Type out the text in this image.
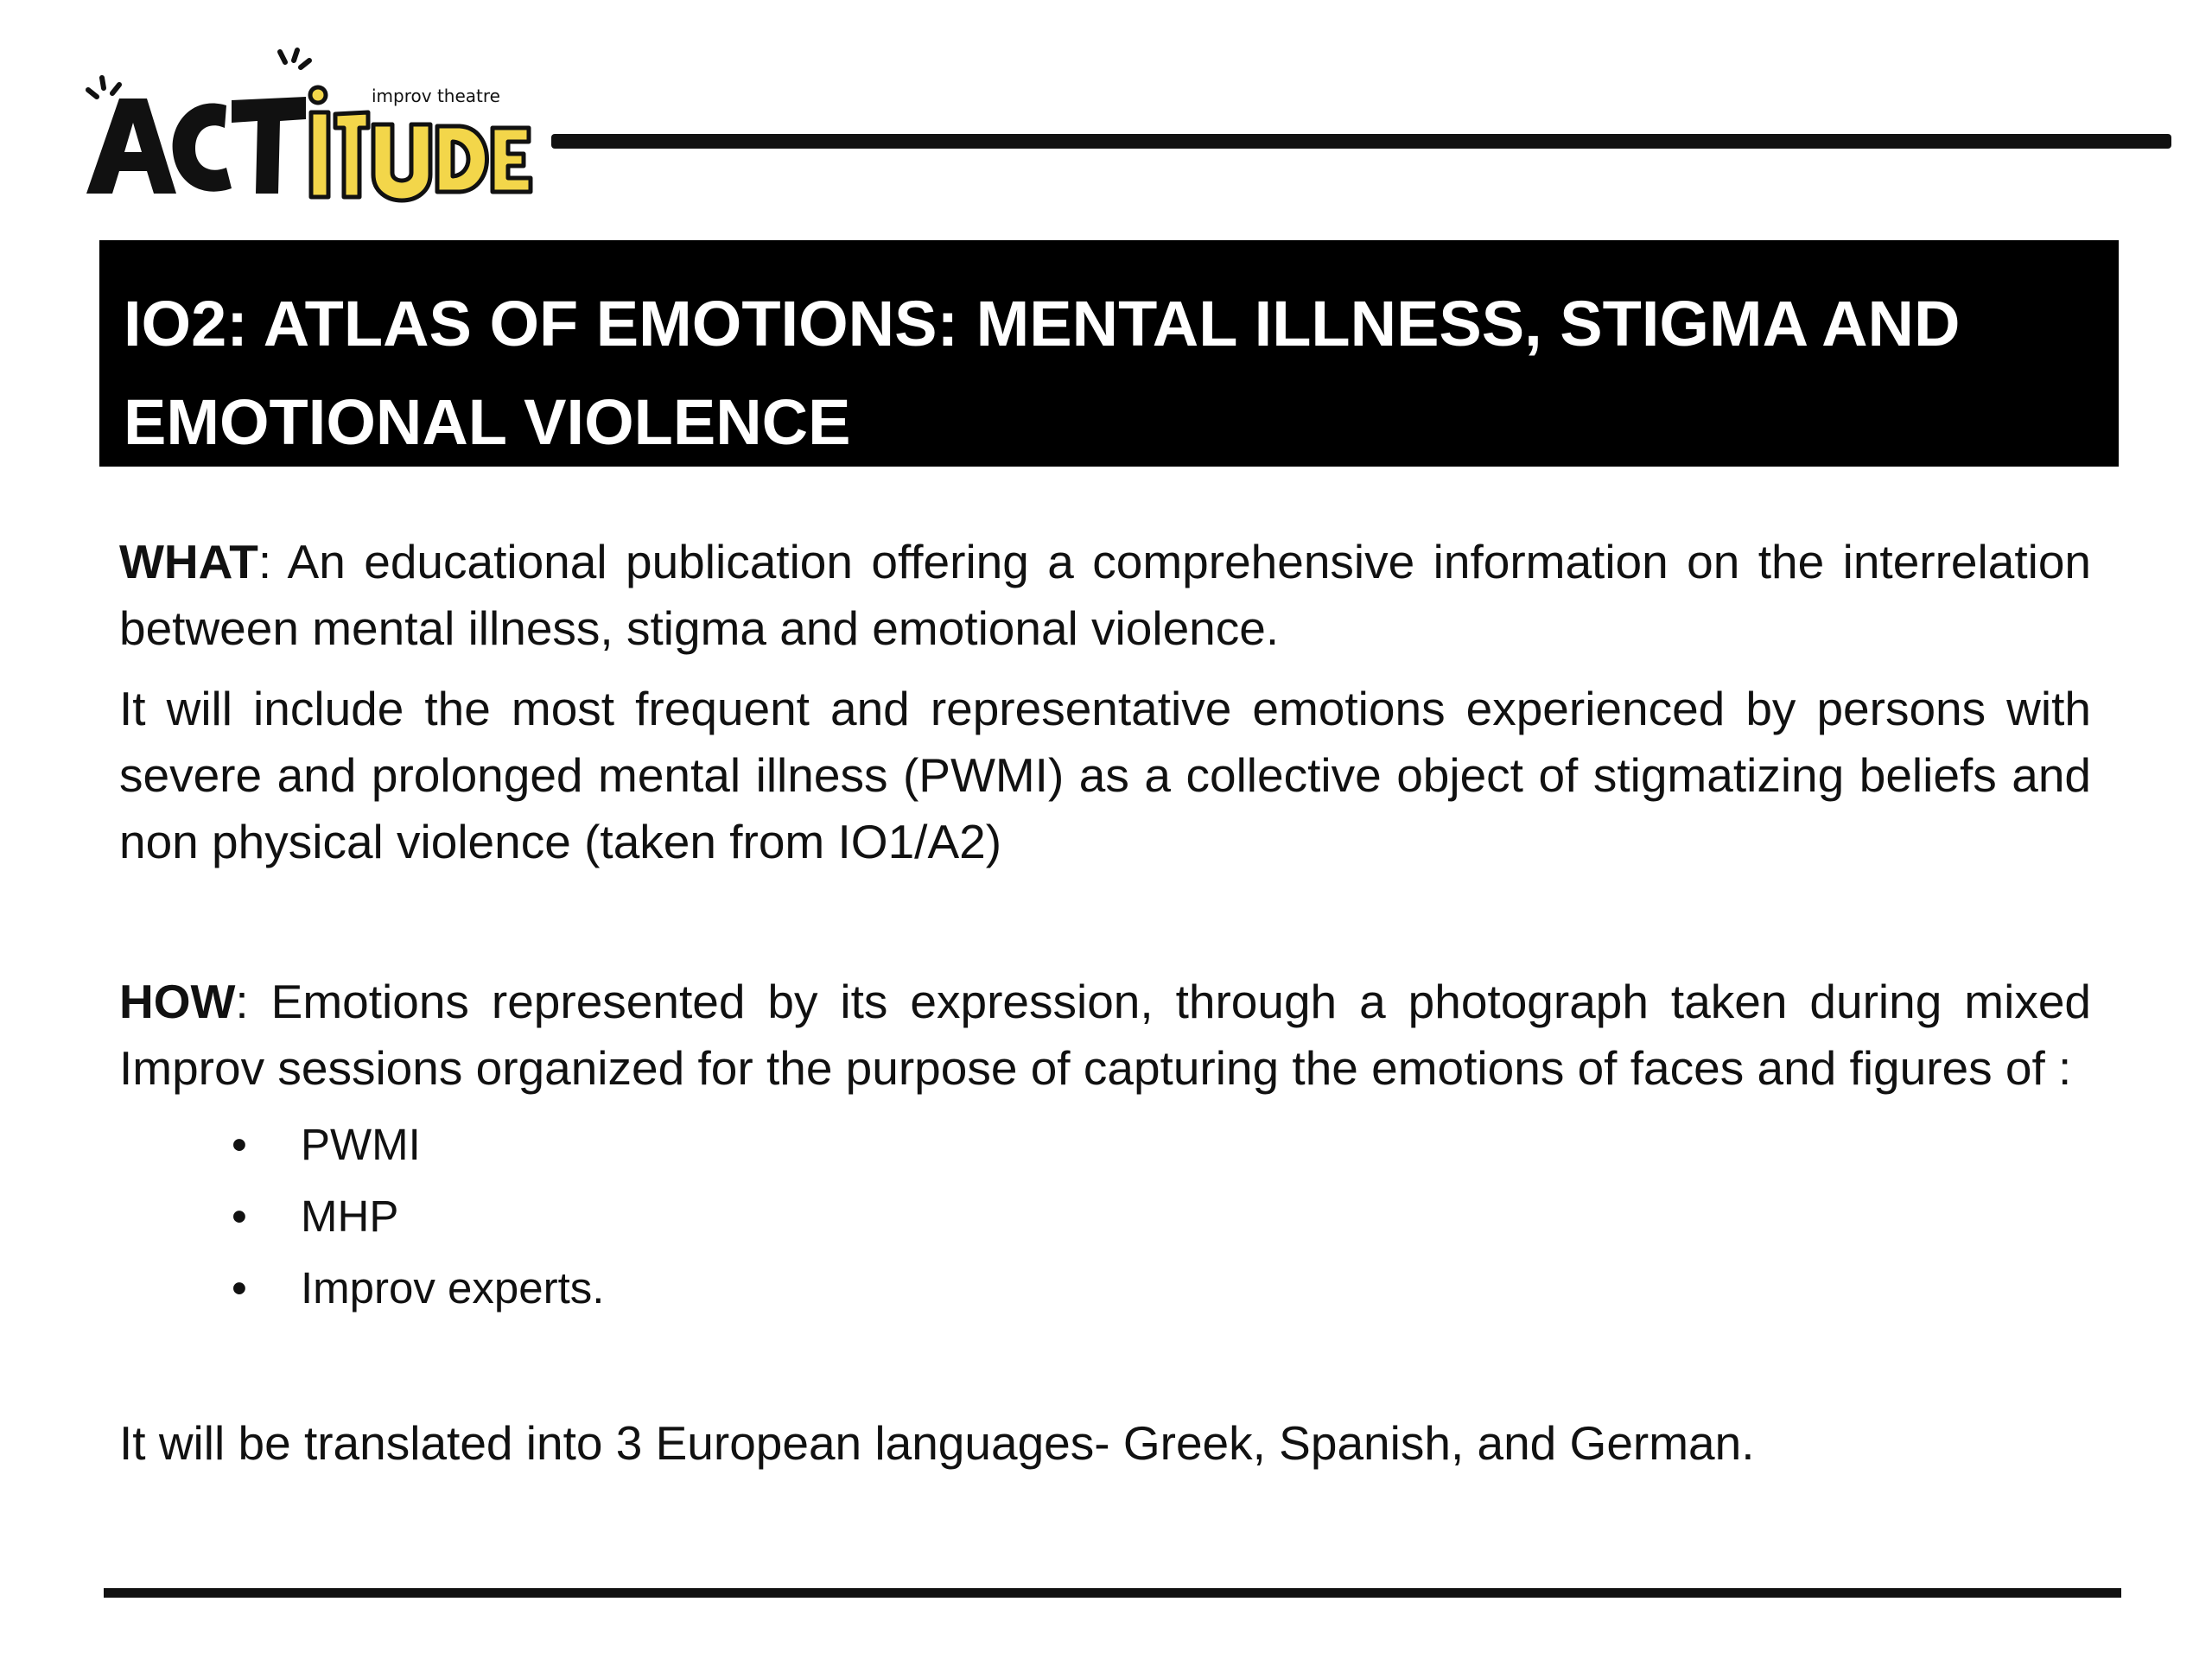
improv theatre
IO2: ATLAS OF EMOTIONS: MENTAL ILLNESS, STIGMA AND EMOTIONAL VIOLENCE

WHAT: An educational publication offering a comprehensive information on the interrelation between mental illness, stigma and emotional violence.

It will include the most frequent and representative emotions experienced by persons with severe and prolonged mental illness (PWMI) as a collective object of stigmatizing beliefs and non physical violence (taken from IO1/A2)

HOW: Emotions represented by its expression, through a photograph taken during mixed Improv sessions organized for the purpose of capturing the emotions of faces and figures of :

• PWMI
• MHP
• Improv experts.

It will be translated into 3 European languages- Greek, Spanish, and German.
